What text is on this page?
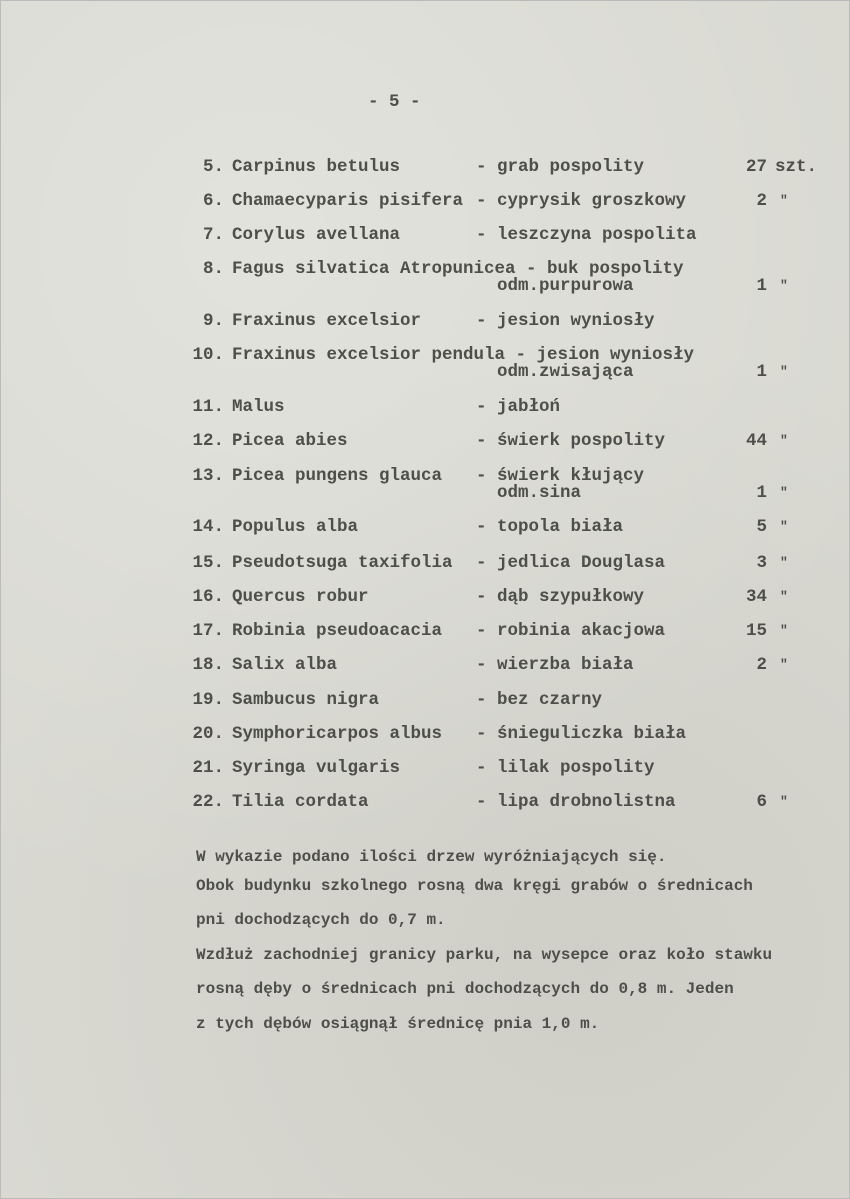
- 5 -
5. Carpinus betulus	- grab pospolity	27 szt.
6. Chamaecyparis pisifera - cyprysik groszkowy	2 "
7. Corylus avellana	- leszczyna pospolita
8. Fagus silvatica Atropunicea - buk pospolity
odm.purpurowa	1 "
9. Fraxinus excelsior	- jesion wyniosły
10. Fraxinus excelsior pendula - jesion wyniosły
odm.zwisająca	1 "
11. Malus	- jabłoń
12. Picea abies	- świerk pospolity	44 "
13. Picea pungens glauca - świerk kłujący
odm.sina	1 "
14. Populus alba	- topola biała	5 "
15. Pseudotsuga taxifolia - jedlica Douglasa	3 "
16. Quercus robur	- dąb szypułkowy	34 "
17. Robinia pseudoacacia - robinia akacjowa	15 "
18. Salix alba	- wierzba biała	2 "
19. Sambucus nigra	- bez czarny
20. Symphoricarpos albus - śnieguliczka biała
21. Syringa vulgaris	- lilak pospolity
22. Tilia cordata	- lipa drobnolistna	6 "
W wykazie podano ilości drzew wyróżniających się.
Obok budynku szkolnego rosną dwa kręgi grabów o średnicach
pni dochodzących do 0,7 m.
Wzdłuż zachodniej granicy parku, na wysepce oraz koło stawku
rosną dęby o średnicach pni dochodzących do 0,8 m. Jeden
z tych dębów osiągnął średnicę pnia 1,0 m.
